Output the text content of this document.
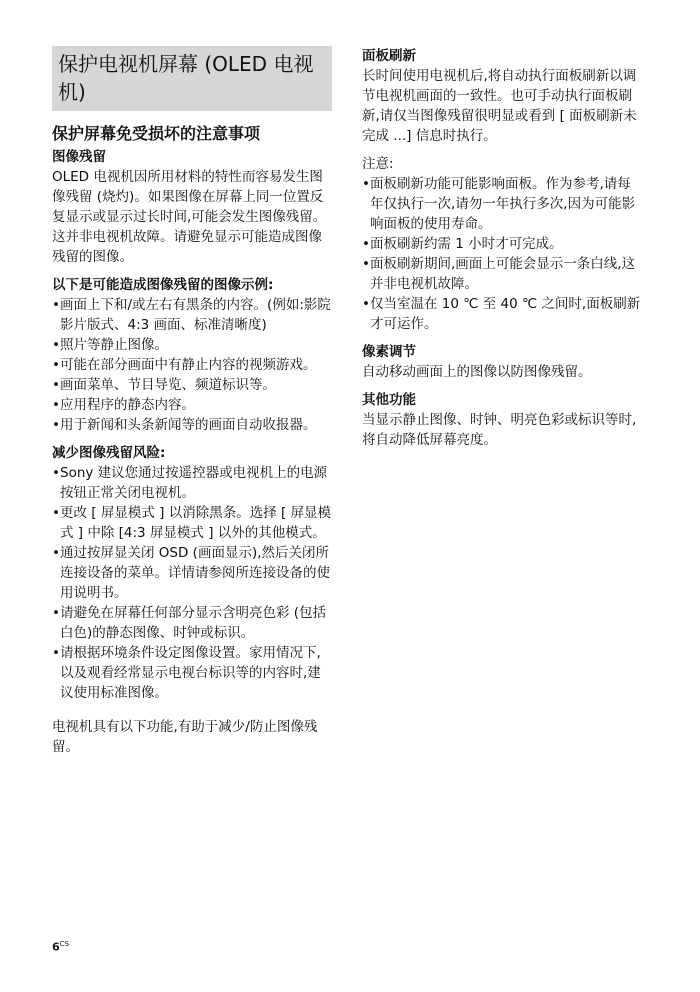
保护电视机屏幕 (OLED 电视机)
保护屏幕免受损坏的注意事项
图像残留

OLED 电视机因所用材料的特性而容易发生图像残留 (烧灼)。如果图像在屏幕上同一位置反复显示或显示过长时间,可能会发生图像残留。这并非电视机故障。请避免显示可能造成图像残留的图像。

以下是可能造成图像残留的图像示例:
•画面上下和/或左右有黑条的内容。(例如:影院影片版式、4:3 画面、标准清晰度)
•照片等静止图像。
•可能在部分画面中有静止内容的视频游戏。
•画面菜单、节目导览、频道标识等。
•应用程序的静态内容。
•用于新闻和头条新闻等的画面自动收报器。
减少图像残留风险:
•Sony 建议您通过按遥控器或电视机上的电源按钮正常关闭电视机。
•更改 [ 屏显模式 ] 以消除黑条。选择 [ 屏显模式 ] 中除 [4:3 屏显模式 ] 以外的其他模式。
•通过按屏显关闭 OSD (画面显示),然后关闭所连接设备的菜单。详情请参阅所连接设备的使用说明书。
•请避免在屏幕任何部分显示含明亮色彩 (包括白色)的静态图像、时钟或标识。
•请根据环境条件设定图像设置。家用情况下,以及观看经常显示电视台标识等的内容时,建议使用标准图像。

电视机具有以下功能,有助于减少/防止图像残留。

面板刷新

长时间使用电视机后,将自动执行面板刷新以调节电视机画面的一致性。也可手动执行面板刷新,请仅当图像残留很明显或看到 [ 面板刷新未完成 ...] 信息时执行。

注意:

•面板刷新功能可能影响面板。作为参考,请每年仅执行一次,请勿一年执行多次,因为可能影响面板的使用寿命。
•面板刷新约需 1 小时才可完成。
•面板刷新期间,画面上可能会显示一条白线,这并非电视机故障。
•仅当室温在 10 ℃ 至 40 ℃ 之间时,面板刷新才可运作。
像素调节

自动移动画面上的图像以防图像残留。

其他功能

当显示静止图像、时钟、明亮色彩或标识等时,将自动降低屏幕亮度。

$6^{CS}$
